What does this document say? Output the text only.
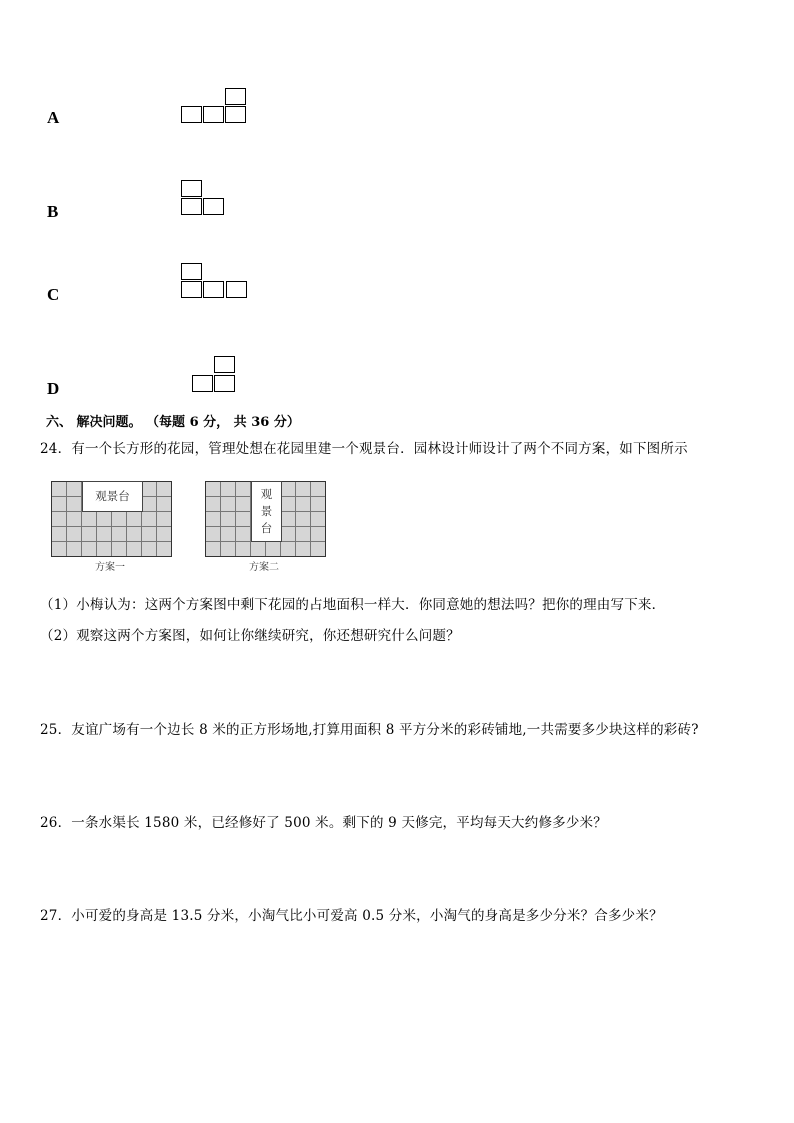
A
B
C
D
六、 解决问题。 （每题 6 分， 共 36 分）
24．有一个长方形的花园，管理处想在花园里建一个观景台．园林设计师设计了两个不同方案，如下图所示
观景台
方案一
观
景
台
方案二
（1）小梅认为：这两个方案图中剩下花园的占地面积一样大．你同意她的想法吗？把你的理由写下来．
（2）观察这两个方案图，如何让你继续研究，你还想研究什么问题？
25．友谊广场有一个边长 8 米的正方形场地,打算用面积 8 平方分米的彩砖铺地,一共需要多少块这样的彩砖?
26．一条水渠长 1580 米，已经修好了 500 米。剩下的 9 天修完，平均每天大约修多少米？
27．小可爱的身高是 13.5 分米，小淘气比小可爱高 0.5 分米，小淘气的身高是多少分米？合多少米？
